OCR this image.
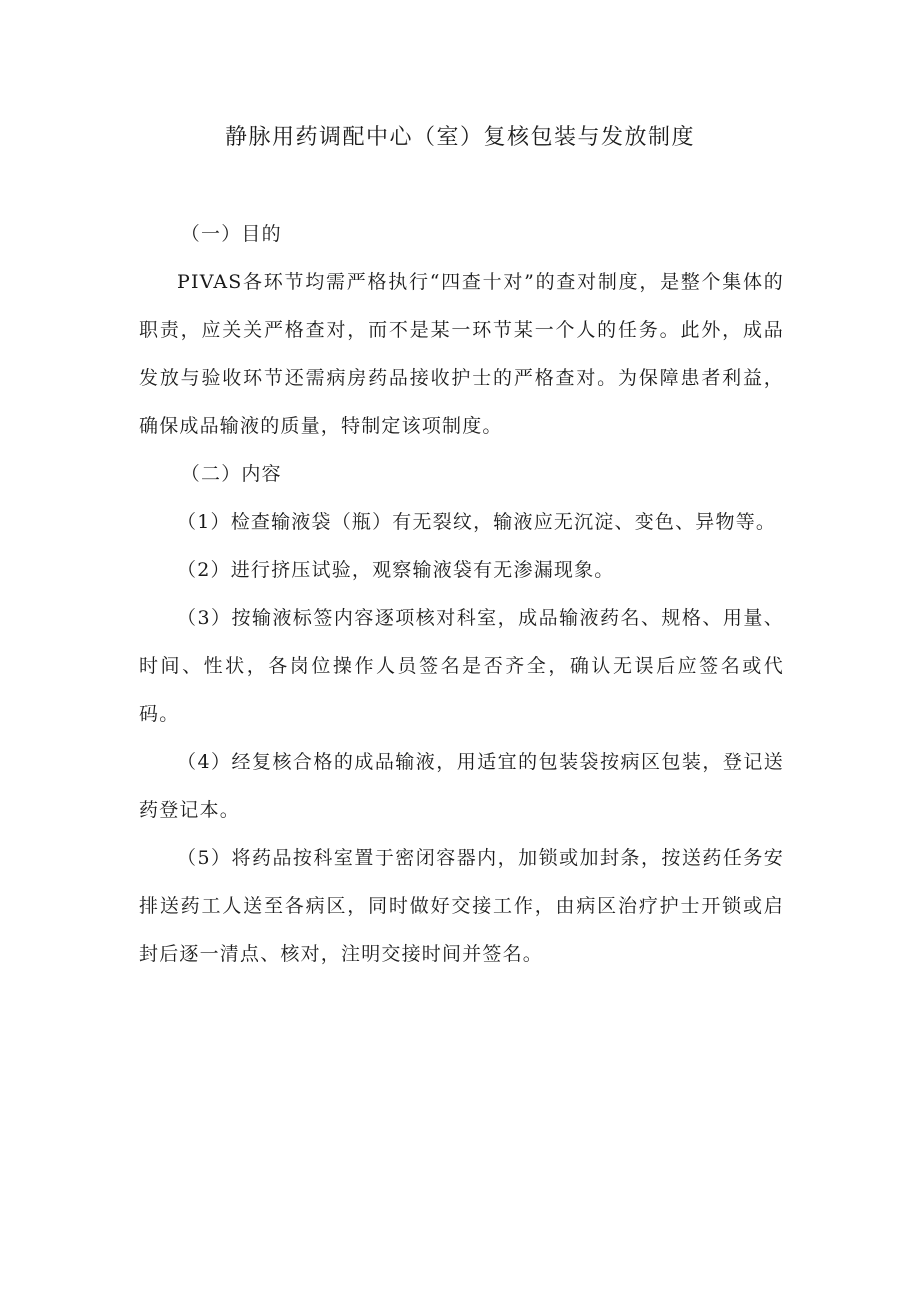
静脉用药调配中心（室）复核包装与发放制度

（一）目的

PIVAS各环节均需严格执行“四查十对”的查对制度，是整个集体的职责，应关关严格查对，而不是某一环节某一个人的任务。此外，成品发放与验收环节还需病房药品接收护士的严格查对。为保障患者利益，确保成品输液的质量，特制定该项制度。

（二）内容

（1）检查输液袋（瓶）有无裂纹，输液应无沉淀、变色、异物等。

（2）进行挤压试验，观察输液袋有无渗漏现象。

（3）按输液标签内容逐项核对科室，成品输液药名、规格、用量、时间、性状，各岗位操作人员签名是否齐全，确认无误后应签名或代码。

（4）经复核合格的成品输液，用适宜的包装袋按病区包装，登记送药登记本。

（5）将药品按科室置于密闭容器内，加锁或加封条，按送药任务安排送药工人送至各病区，同时做好交接工作，由病区治疗护士开锁或启封后逐一清点、核对，注明交接时间并签名。
